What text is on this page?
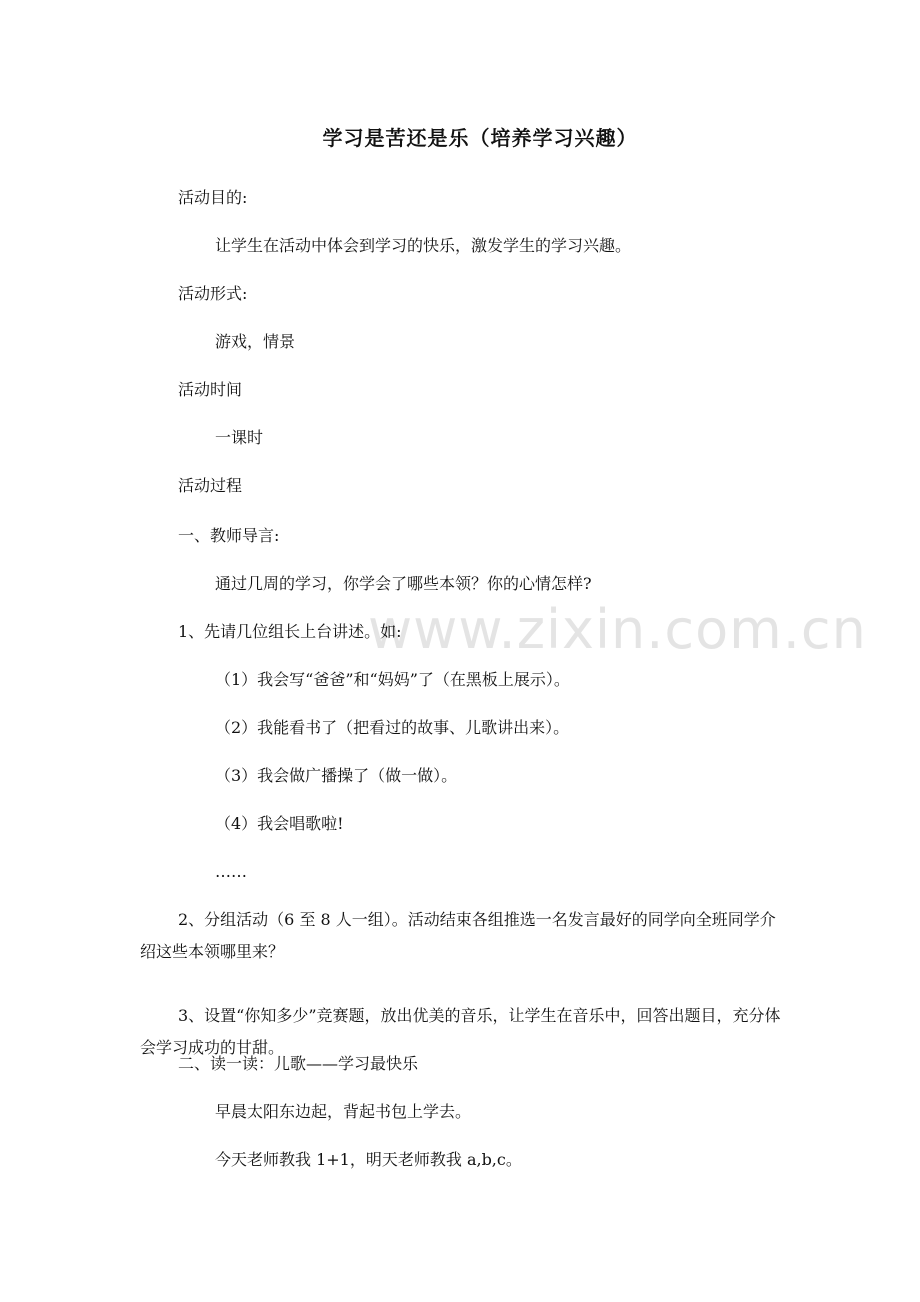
www.zixin.com.cn
学习是苦还是乐（培养学习兴趣）
活动目的:
让学生在活动中体会到学习的快乐，激发学生的学习兴趣。
活动形式:
游戏，情景
活动时间
一课时
活动过程
一、教师导言:
通过几周的学习，你学会了哪些本领？你的心情怎样?
1、先请几位组长上台讲述。如:
（1）我会写“爸爸”和“妈妈”了（在黑板上展示）。
（2）我能看书了（把看过的故事、儿歌讲出来）。
（3）我会做广播操了（做一做）。
（4）我会唱歌啦!
……
2、分组活动（6 至 8 人一组）。活动结束各组推选一名发言最好的同学向全班同学介绍这些本领哪里来？
3、设置“你知多少”竞赛题，放出优美的音乐，让学生在音乐中，回答出题目，充分体会学习成功的甘甜。
二、读一读：儿歌——学习最快乐
早晨太阳东边起，背起书包上学去。
今天老师教我 1+1，明天老师教我 a,b,c。
